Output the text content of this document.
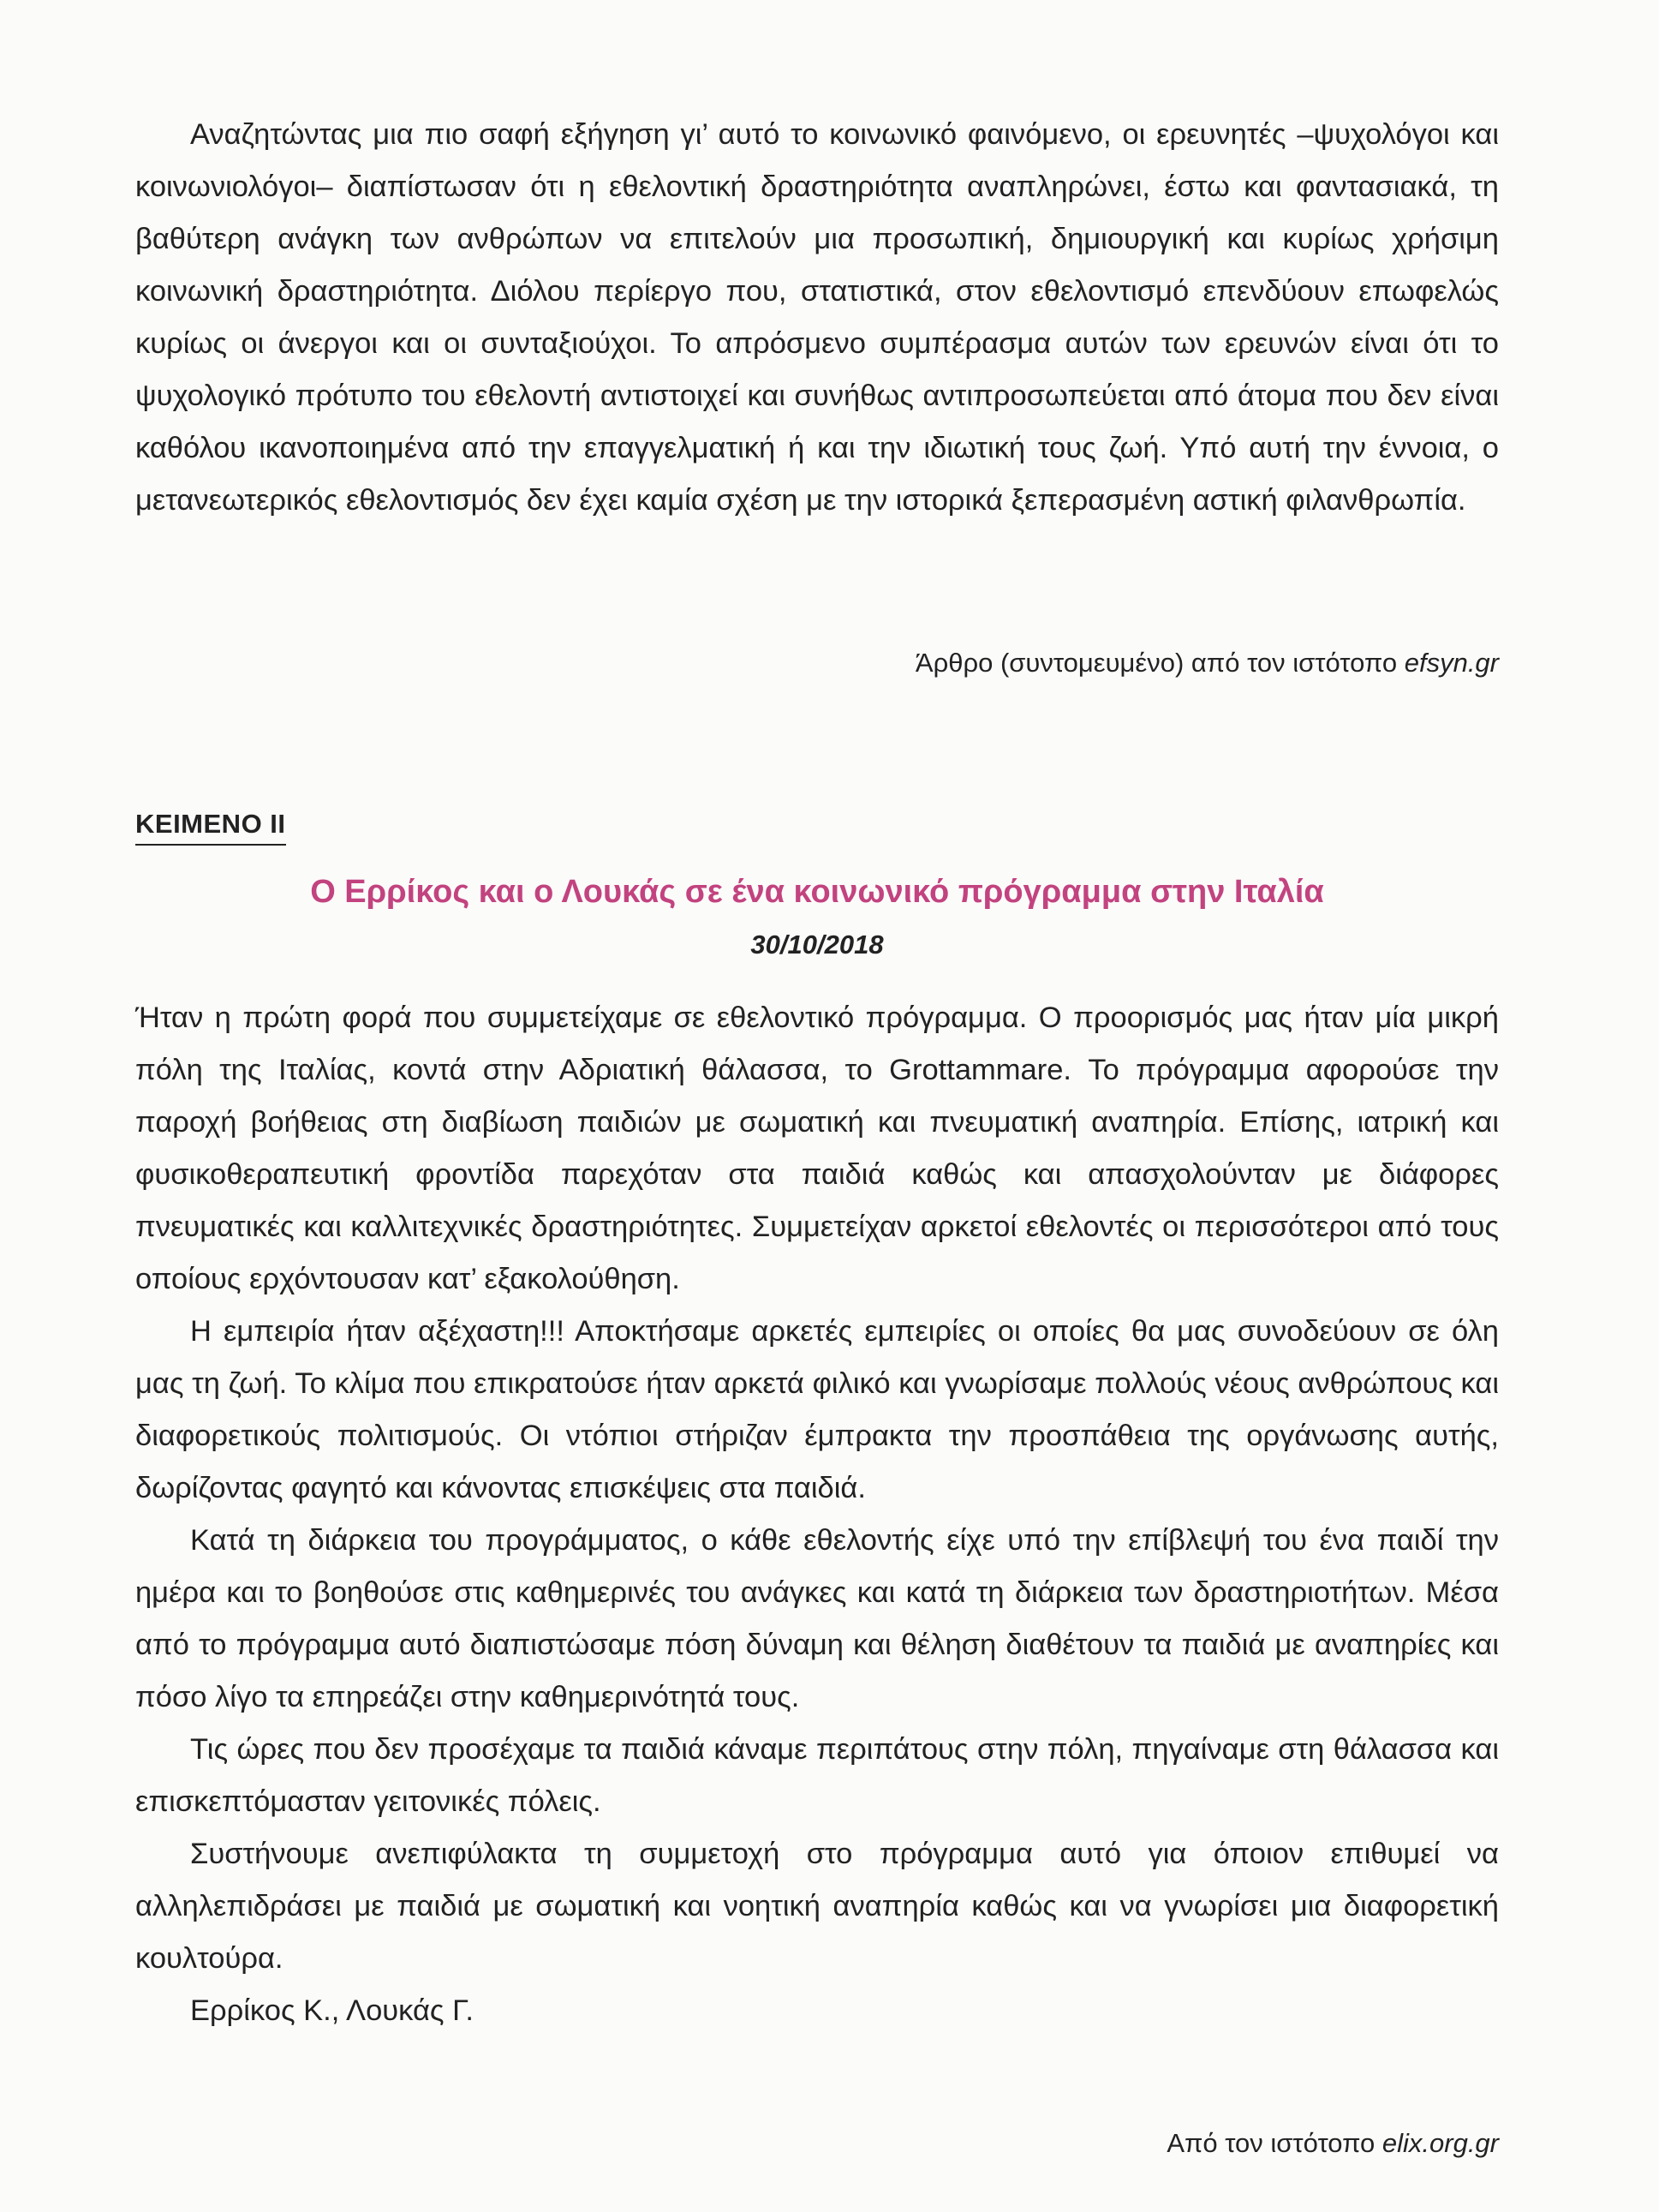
Αναζητώντας μια πιο σαφή εξήγηση γι’ αυτό το κοινωνικό φαινόμενο, οι ερευνητές –ψυχολόγοι και κοινωνιολόγοι– διαπίστωσαν ότι η εθελοντική δραστηριότητα αναπληρώνει, έστω και φαντασιακά, τη βαθύτερη ανάγκη των ανθρώπων να επιτελούν μια προσωπική, δημιουργική και κυρίως χρήσιμη κοινωνική δραστηριότητα. Διόλου περίεργο που, στατιστικά, στον εθελοντισμό επενδύουν επωφελώς κυρίως οι άνεργοι και οι συνταξιούχοι. Το απρόσμενο συμπέρασμα αυτών των ερευνών είναι ότι το ψυχολογικό πρότυπο του εθελοντή αντιστοιχεί και συνήθως αντιπροσωπεύεται από άτομα που δεν είναι καθόλου ικανοποιημένα από την επαγγελματική ή και την ιδιωτική τους ζωή. Υπό αυτή την έννοια, ο μετανεωτερικός εθελοντισμός δεν έχει καμία σχέση με την ιστορικά ξεπερασμένη αστική φιλανθρωπία.

Άρθρο (συντομευμένο) από τον ιστότοπο efsyn.gr

ΚΕΙΜΕΝΟ ΙΙ
Ο Ερρίκος και ο Λουκάς σε ένα κοινωνικό πρόγραμμα στην Ιταλία
30/10/2018

Ήταν η πρώτη φορά που συμμετείχαμε σε εθελοντικό πρόγραμμα. Ο προορισμός μας ήταν μία μικρή πόλη της Ιταλίας, κοντά στην Αδριατική θάλασσα, το Grottammare. Το πρόγραμμα αφορούσε την παροχή βοήθειας στη διαβίωση παιδιών με σωματική και πνευματική αναπηρία. Επίσης, ιατρική και φυσικοθεραπευτική φροντίδα παρεχόταν στα παιδιά καθώς και απασχολούνταν με διάφορες πνευματικές και καλλιτεχνικές δραστηριότητες. Συμμετείχαν αρκετοί εθελοντές οι περισσότεροι από τους οποίους ερχόντουσαν κατ’ εξακολούθηση.

Η εμπειρία ήταν αξέχαστη!!! Αποκτήσαμε αρκετές εμπειρίες οι οποίες θα μας συνοδεύουν σε όλη μας τη ζωή. Το κλίμα που επικρατούσε ήταν αρκετά φιλικό και γνωρίσαμε πολλούς νέους ανθρώπους και διαφορετικούς πολιτισμούς. Οι ντόπιοι στήριζαν έμπρακτα την προσπάθεια της οργάνωσης αυτής, δωρίζοντας φαγητό και κάνοντας επισκέψεις στα παιδιά.

Κατά τη διάρκεια του προγράμματος, ο κάθε εθελοντής είχε υπό την επίβλεψή του ένα παιδί την ημέρα και το βοηθούσε στις καθημερινές του ανάγκες και κατά τη διάρκεια των δραστηριοτήτων. Μέσα από το πρόγραμμα αυτό διαπιστώσαμε πόση δύναμη και θέληση διαθέτουν τα παιδιά με αναπηρίες και πόσο λίγο τα επηρεάζει στην καθημερινότητά τους.

Τις ώρες που δεν προσέχαμε τα παιδιά κάναμε περιπάτους στην πόλη, πηγαίναμε στη θάλασσα και επισκεπτόμασταν γειτονικές πόλεις.

Συστήνουμε ανεπιφύλακτα τη συμμετοχή στο πρόγραμμα αυτό για όποιον επιθυμεί να αλληλεπιδράσει με παιδιά με σωματική και νοητική αναπηρία καθώς και να γνωρίσει μια διαφορετική κουλτούρα.

Ερρίκος Κ., Λουκάς Γ.

Από τον ιστότοπο elix.org.gr
